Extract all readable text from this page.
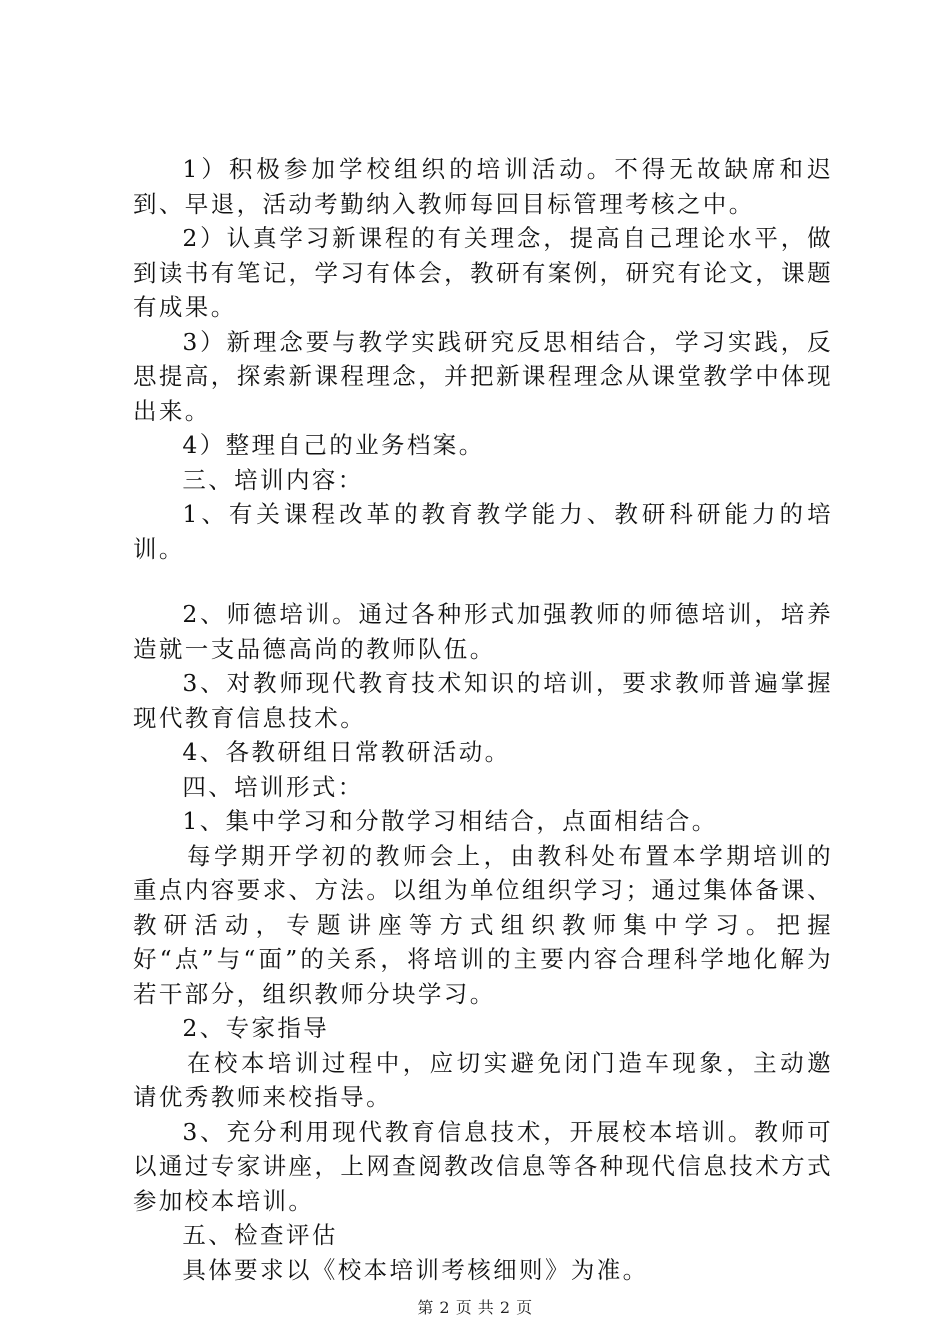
1）积极参加学校组织的培训活动。不得无故缺席和迟到、早退，活动考勤纳入教师每回目标管理考核之中。

2）认真学习新课程的有关理念，提高自己理论水平，做到读书有笔记，学习有体会，教研有案例，研究有论文，课题有成果。

3）新理念要与教学实践研究反思相结合，学习实践，反思提高，探索新课程理念，并把新课程理念从课堂教学中体现出来。

4）整理自己的业务档案。

三、培训内容：

1、有关课程改革的教育教学能力、教研科研能力的培训。

2、师德培训。通过各种形式加强教师的师德培训，培养造就一支品德高尚的教师队伍。

3、对教师现代教育技术知识的培训，要求教师普遍掌握现代教育信息技术。

4、各教研组日常教研活动。

四、培训形式：

1、集中学习和分散学习相结合，点面相结合。

每学期开学初的教师会上，由教科处布置本学期培训的重点内容要求、方法。以组为单位组织学习；通过集体备课、教研活动，专题讲座等方式组织教师集中学习。把握好“点”与“面”的关系，将培训的主要内容合理科学地化解为若干部分，组织教师分块学习。

2、专家指导

在校本培训过程中，应切实避免闭门造车现象，主动邀请优秀教师来校指导。

3、充分利用现代教育信息技术，开展校本培训。教师可以通过专家讲座，上网查阅教改信息等各种现代信息技术方式参加校本培训。

五、检查评估

具体要求以《校本培训考核细则》为准。

第 2 页 共 2 页
